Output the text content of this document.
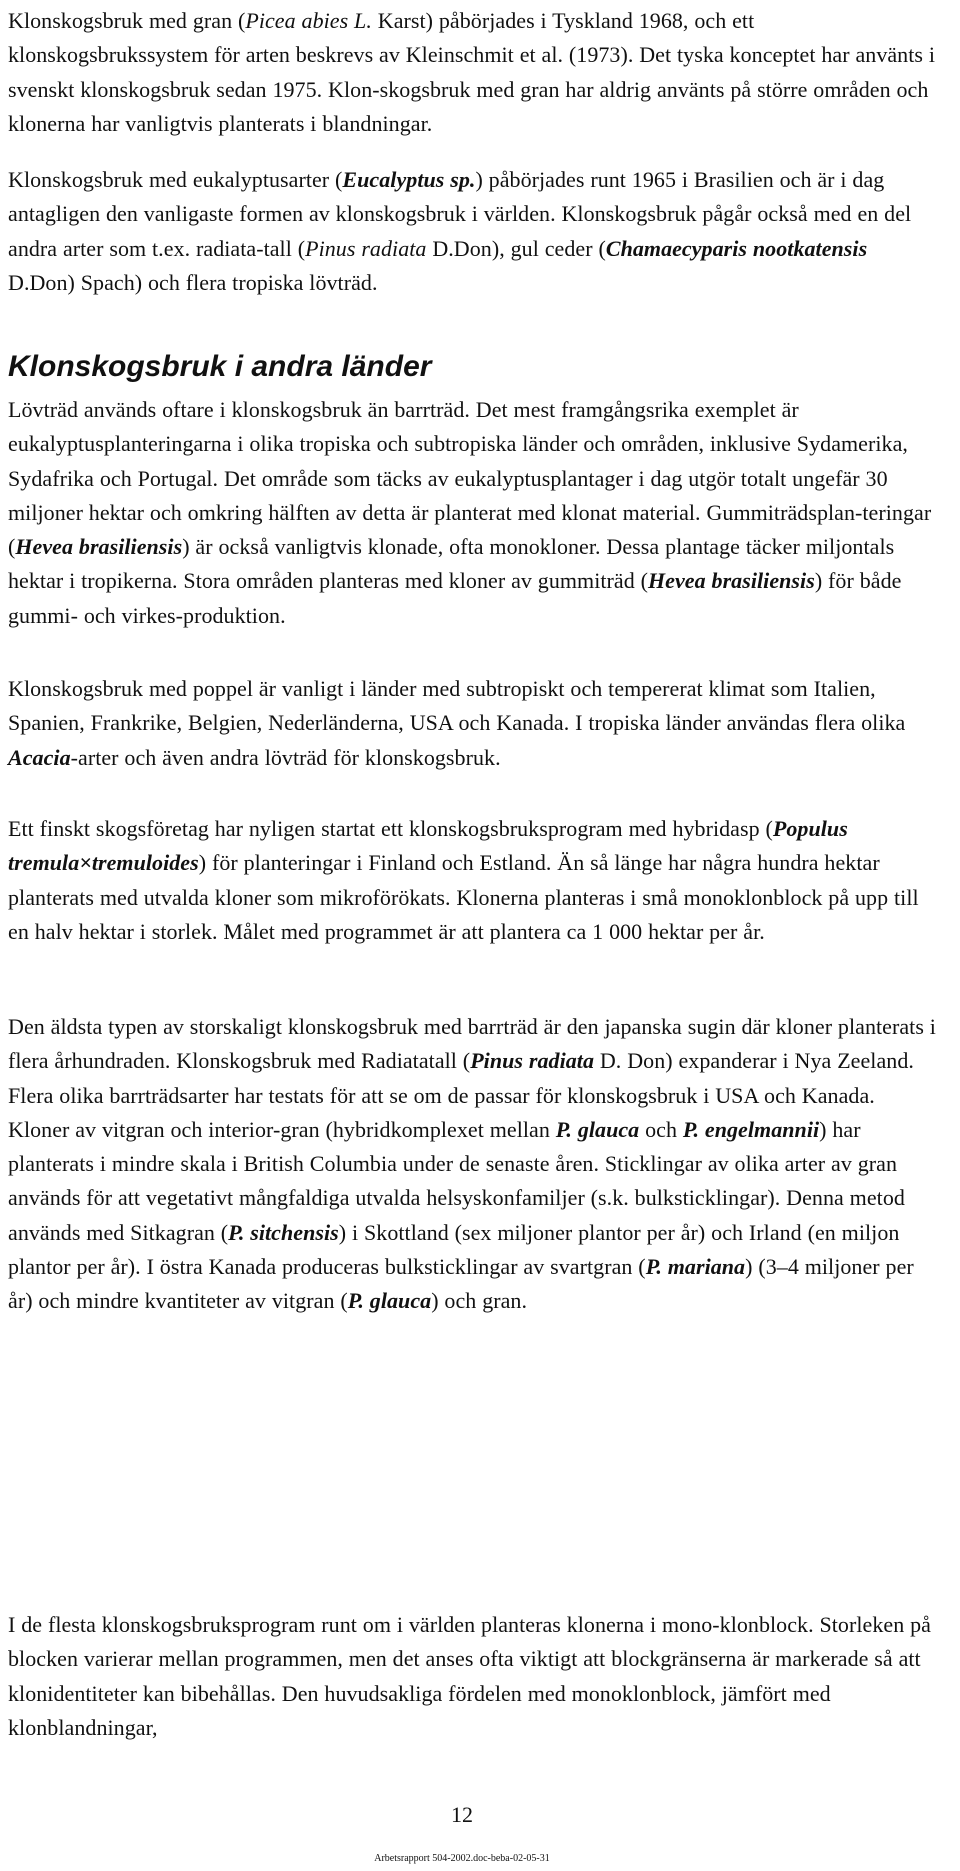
Klonskogsbruk med gran (Picea abies L. Karst) påbörjades i Tyskland 1968, och ett klonskogsbrukssystem för arten beskrevs av Kleinschmit et al. (1973). Det tyska konceptet har använts i svenskt klonskogsbruk sedan 1975. Klon-skogsbruk med gran har aldrig använts på större områden och klonerna har vanligtvis planterats i blandningar.

Klonskogsbruk med eukalyptusarter (Eucalyptus sp.) påbörjades runt 1965 i Brasilien och är i dag antagligen den vanligaste formen av klonskogsbruk i världen. Klonskogsbruk pågår också med en del andra arter som t.ex. radiata-tall (Pinus radiata D.Don), gul ceder (Chamaecyparis nootkatensis D.Don) Spach) och flera tropiska lövträd.

Klonskogsbruk i andra länder

Lövträd används oftare i klonskogsbruk än barrträd. Det mest framgångsrika exemplet är eukalyptusplanteringarna i olika tropiska och subtropiska länder och områden, inklusive Sydamerika, Sydafrika och Portugal. Det område som täcks av eukalyptusplantager i dag utgör totalt ungefär 30 miljoner hektar och omkring hälften av detta är planterat med klonat material. Gummiträdsplan-teringar (Hevea brasiliensis) är också vanligtvis klonade, ofta monokloner. Dessa plantage täcker miljontals hektar i tropikerna. Stora områden planteras med kloner av gummiträd (Hevea brasiliensis) för både gummi- och virkes-produktion.

Klonskogsbruk med poppel är vanligt i länder med subtropiskt och tempererat klimat som Italien, Spanien, Frankrike, Belgien, Nederländerna, USA och Kanada. I tropiska länder användas flera olika Acacia-arter och även andra lövträd för klonskogsbruk.

Ett finskt skogsföretag har nyligen startat ett klonskogsbruksprogram med hybridasp (Populus tremula×tremuloides) för planteringar i Finland och Estland. Än så länge har några hundra hektar planterats med utvalda kloner som mikroförökats. Klonerna planteras i små monoklonblock på upp till en halv hektar i storlek. Målet med programmet är att plantera ca 1 000 hektar per år.

Den äldsta typen av storskaligt klonskogsbruk med barrträd är den japanska sugin där kloner planterats i flera århundraden. Klonskogsbruk med Radiatatall (Pinus radiata D. Don) expanderar i Nya Zeeland. Flera olika barrträdsarter har testats för att se om de passar för klonskogsbruk i USA och Kanada. Kloner av vitgran och interior-gran (hybridkomplexet mellan P. glauca och P. engelmannii) har planterats i mindre skala i British Columbia under de senaste åren. Sticklingar av olika arter av gran används för att vegetativt mångfaldiga utvalda helsyskonfamiljer (s.k. bulksticklingar). Denna metod används med Sitkagran (P. sitchensis) i Skottland (sex miljoner plantor per år) och Irland (en miljon plantor per år). I östra Kanada produceras bulksticklingar av svartgran (P. mariana) (3–4 miljoner per år) och mindre kvantiteter av vitgran (P. glauca) och gran.

I de flesta klonskogsbruksprogram runt om i världen planteras klonerna i mono-klonblock. Storleken på blocken varierar mellan programmen, men det anses ofta viktigt att blockgränserna är markerade så att klonidentiteter kan bibehållas. Den huvudsakliga fördelen med monoklonblock, jämfört med klonblandningar,

12
Arbetsrapport 504-2002.doc-beba-02-05-31
